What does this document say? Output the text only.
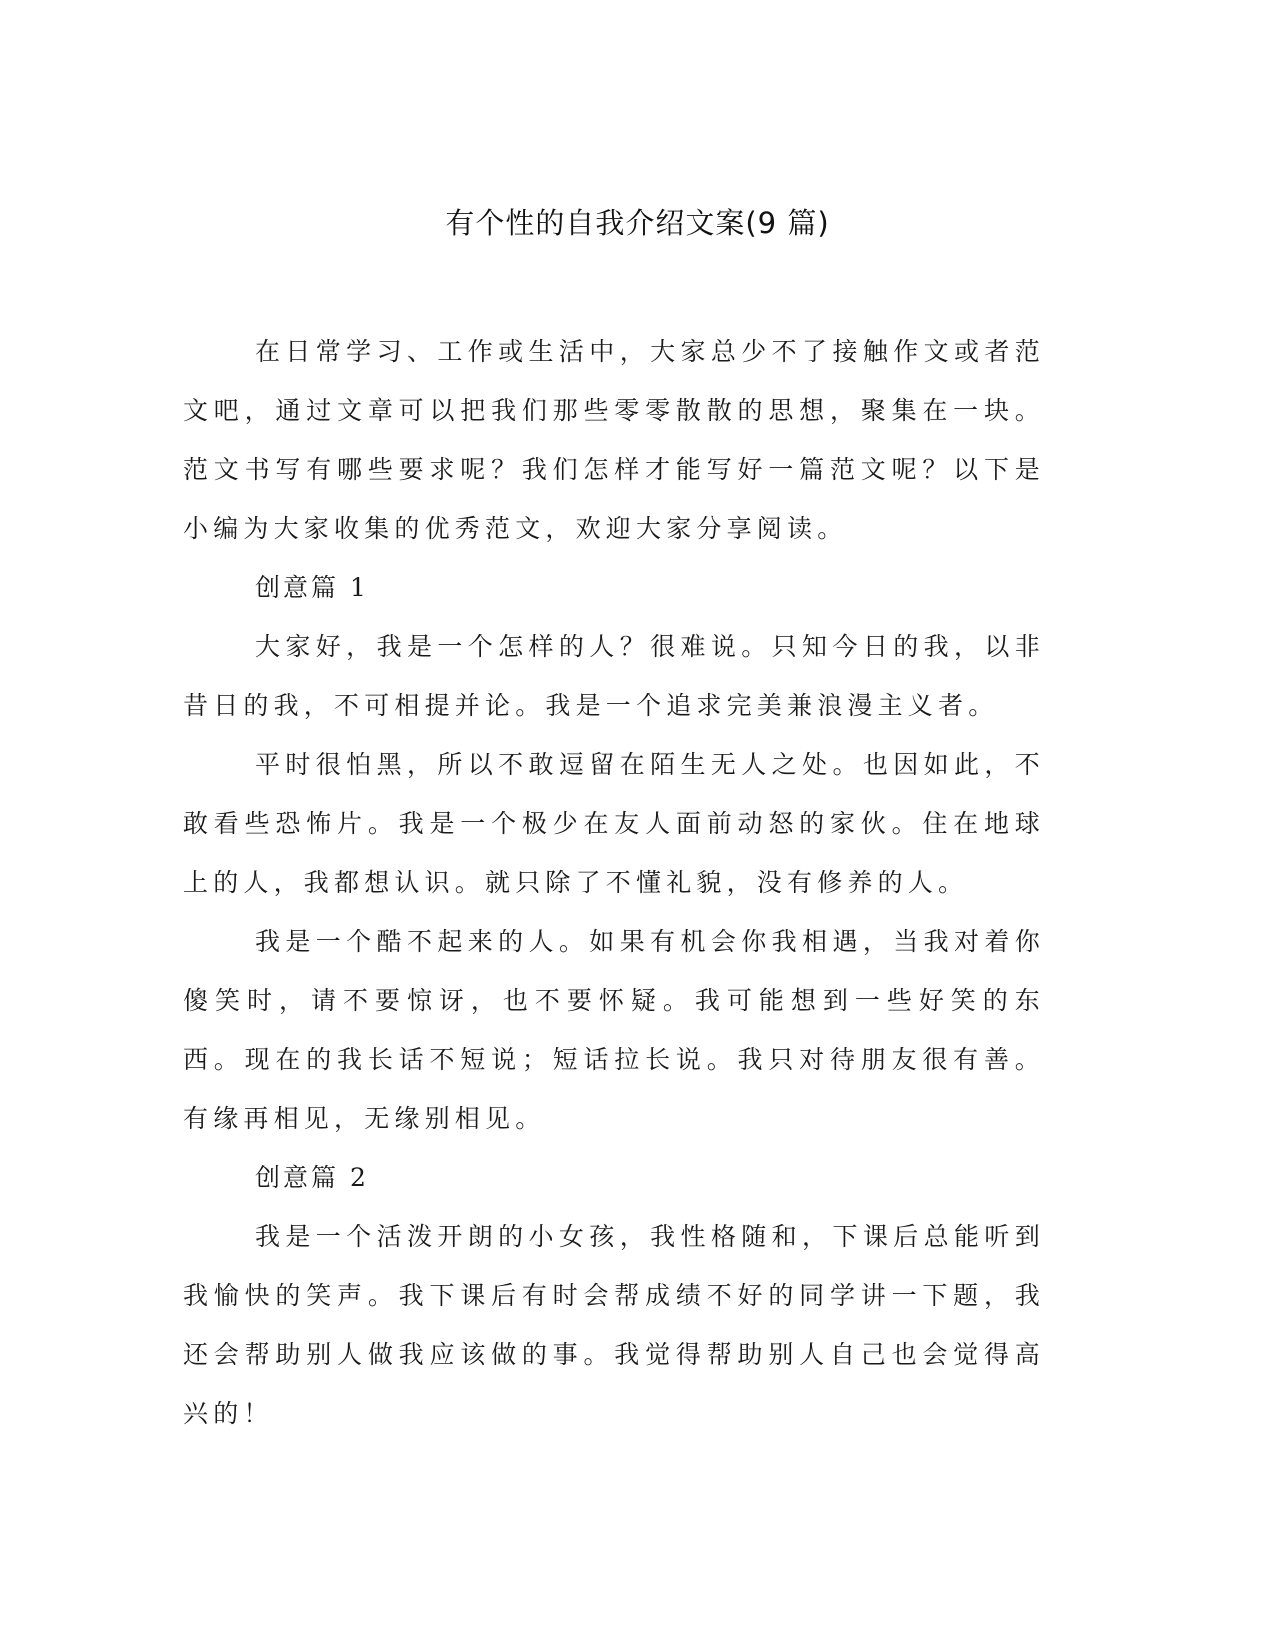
有个性的自我介绍文案(9 篇)

在日常学习、工作或生活中，大家总少不了接触作文或者范文吧，通过文章可以把我们那些零零散散的思想，聚集在一块。范文书写有哪些要求呢？我们怎样才能写好一篇范文呢？以下是小编为大家收集的优秀范文，欢迎大家分享阅读。

创意篇 1

大家好，我是一个怎样的人？很难说。只知今日的我，以非昔日的我，不可相提并论。我是一个追求完美兼浪漫主义者。

平时很怕黑，所以不敢逗留在陌生无人之处。也因如此，不敢看些恐怖片。我是一个极少在友人面前动怒的家伙。住在地球上的人，我都想认识。就只除了不懂礼貌，没有修养的人。

我是一个酷不起来的人。如果有机会你我相遇，当我对着你傻笑时，请不要惊讶，也不要怀疑。我可能想到一些好笑的东西。现在的我长话不短说；短话拉长说。我只对待朋友很有善。有缘再相见，无缘别相见。

创意篇 2

我是一个活泼开朗的小女孩，我性格随和，下课后总能听到我愉快的笑声。我下课后有时会帮成绩不好的同学讲一下题，我还会帮助别人做我应该做的事。我觉得帮助别人自己也会觉得高兴的！
